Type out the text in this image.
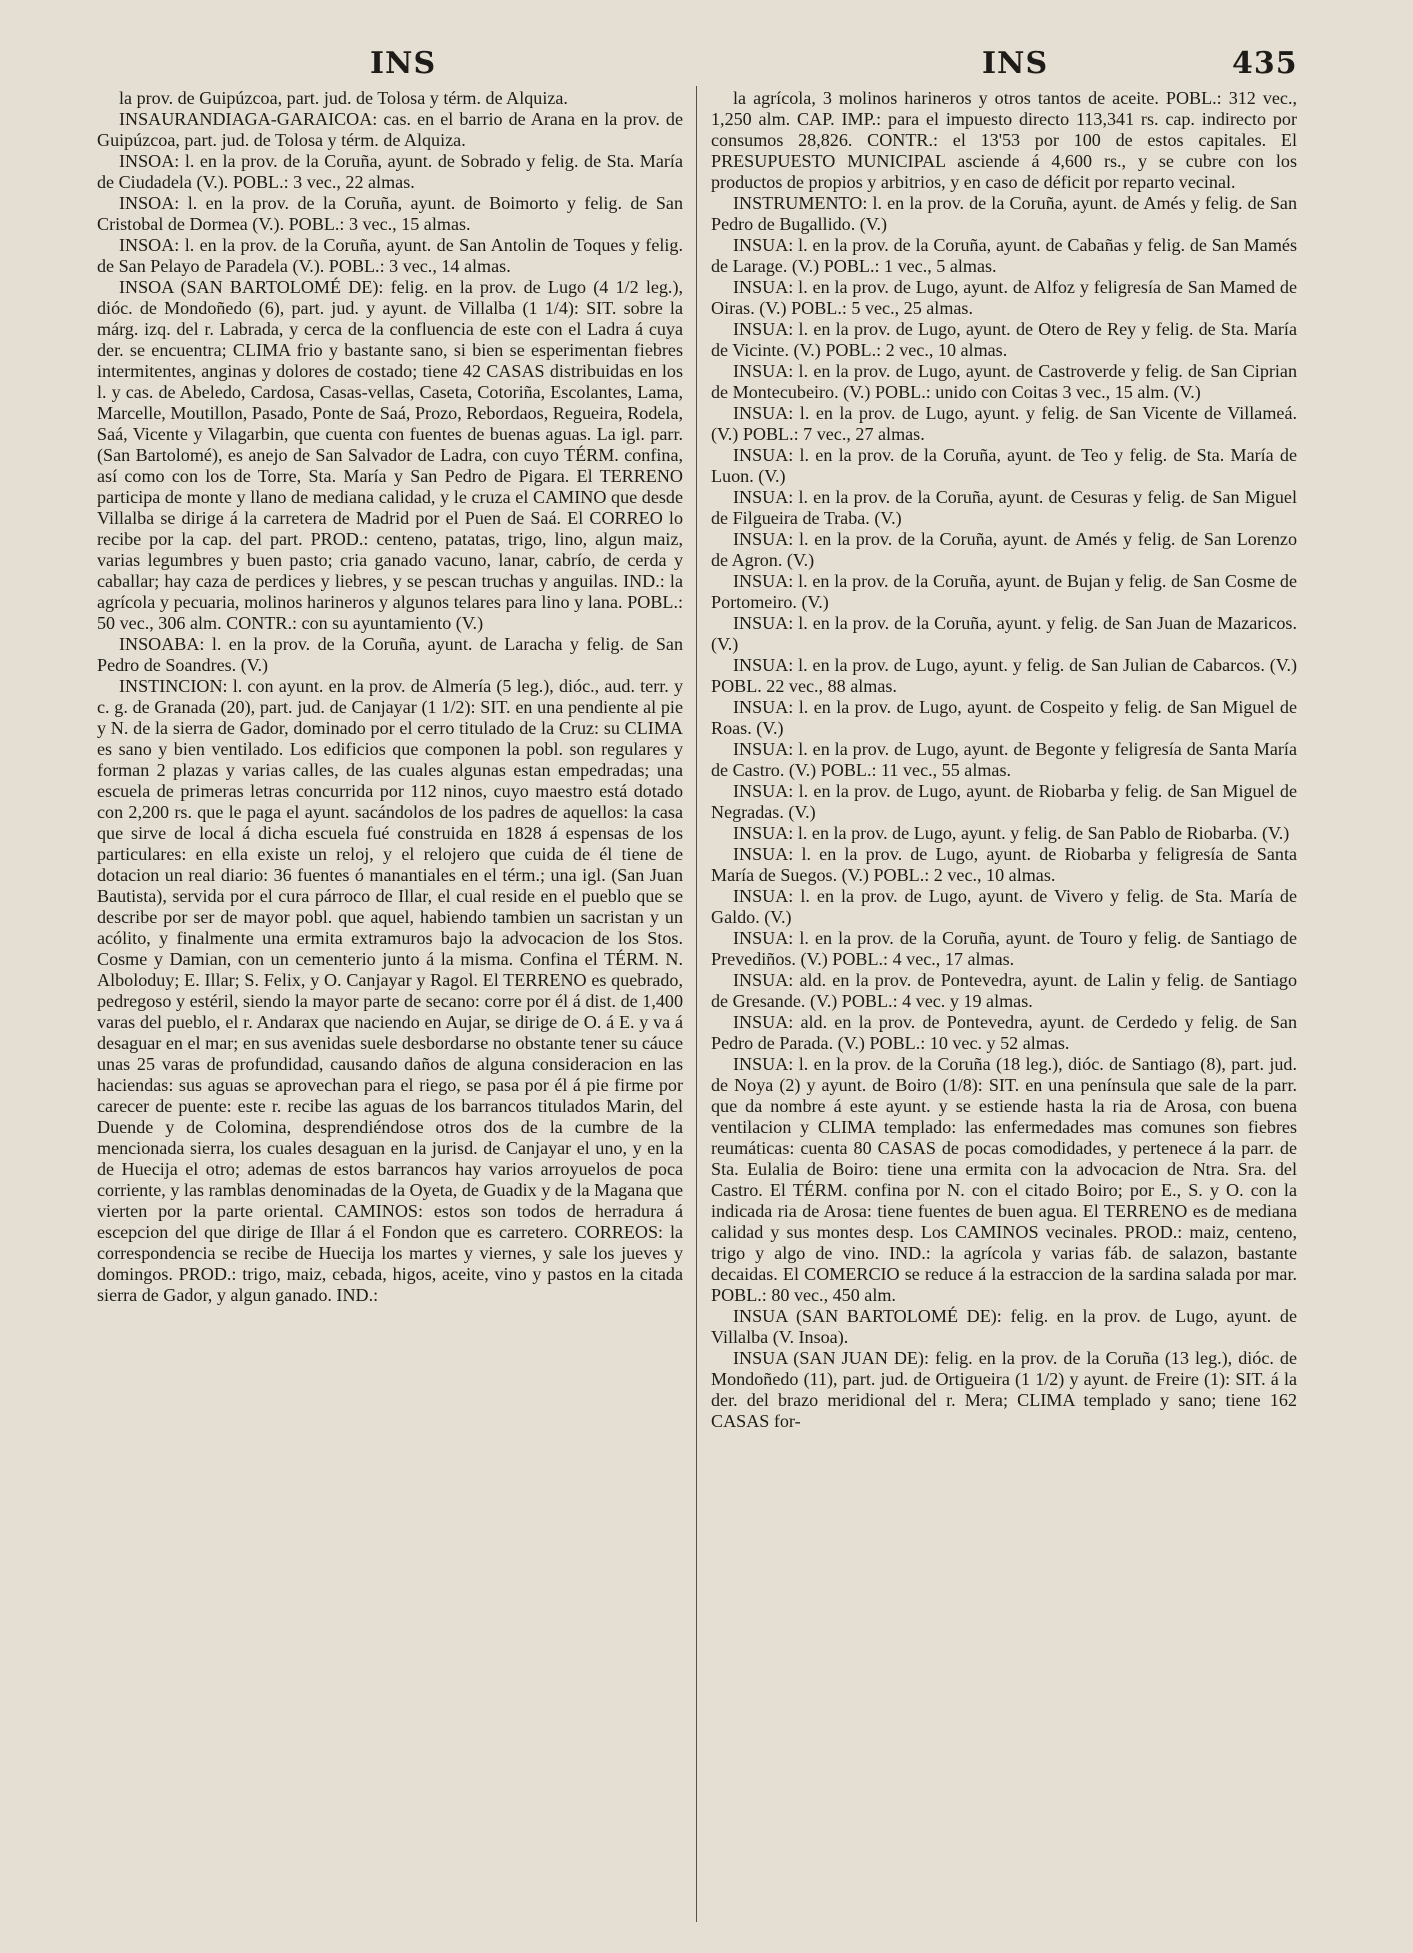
INS	INS	435

la prov. de Guipúzcoa, part. jud. de Tolosa y térm. de Alquiza.

INSAURANDIAGA-GARAICOA: cas. en el barrio de Arana en la prov. de Guipúzcoa, part. jud. de Tolosa y térm. de Alquiza.

INSOA: l. en la prov. de la Coruña, ayunt. de Sobrado y felig. de Sta. María de Ciudadela (V.). POBL.: 3 vec., 22 almas.

INSOA: l. en la prov. de la Coruña, ayunt. de Boimorto y felig. de San Cristobal de Dormea (V.). POBL.: 3 vec., 15 almas.

INSOA: l. en la prov. de la Coruña, ayunt. de San Antolin de Toques y felig. de San Pelayo de Paradela (V.). POBL.: 3 vec., 14 almas.

INSOA (SAN BARTOLOMÉ DE): felig. en la prov. de Lugo (4 1/2 leg.), dióc. de Mondoñedo (6), part. jud. y ayunt. de Villalba (1 1/4): SIT. sobre la márg. izq. del r. Labrada, y cerca de la confluencia de este con el Ladra á cuya der. se encuentra; CLIMA frio y bastante sano, si bien se esperimentan fiebres intermitentes, anginas y dolores de costado; tiene 42 CASAS distribuidas en los l. y cas. de Abeledo, Cardosa, Casas-vellas, Caseta, Cotoriña, Escolantes, Lama, Marcelle, Moutillon, Pasado, Ponte de Saá, Prozo, Rebordaos, Regueira, Rodela, Saá, Vicente y Vilagarbin, que cuenta con fuentes de buenas aguas. La igl. parr. (San Bartolomé), es anejo de San Salvador de Ladra, con cuyo TÉRM. confina, así como con los de Torre, Sta. María y San Pedro de Pigara. El TERRENO participa de monte y llano de mediana calidad, y le cruza el CAMINO que desde Villalba se dirige á la carretera de Madrid por el Puen de Saá. El CORREO lo recibe por la cap. del part. PROD.: centeno, patatas, trigo, lino, algun maiz, varias legumbres y buen pasto; cria ganado vacuno, lanar, cabrío, de cerda y caballar; hay caza de perdices y liebres, y se pescan truchas y anguilas. IND.: la agrícola y pecuaria, molinos harineros y algunos telares para lino y lana. POBL.: 50 vec., 306 alm. CONTR.: con su ayuntamiento (V.)

INSOABA: l. en la prov. de la Coruña, ayunt. de Laracha y felig. de San Pedro de Soandres. (V.)

INSTINCION: l. con ayunt. en la prov. de Almería (5 leg.), dióc., aud. terr. y c. g. de Granada (20), part. jud. de Canjayar (1 1/2): SIT. en una pendiente al pie y N. de la sierra de Gador, dominado por el cerro titulado de la Cruz: su CLIMA es sano y bien ventilado. Los edificios que componen la pobl. son regulares y forman 2 plazas y varias calles, de las cuales algunas estan empedradas; una escuela de primeras letras concurrida por 112 ninos, cuyo maestro está dotado con 2,200 rs. que le paga el ayunt. sacándolos de los padres de aquellos: la casa que sirve de local á dicha escuela fué construida en 1828 á espensas de los particulares: en ella existe un reloj, y el relojero que cuida de él tiene de dotacion un real diario: 36 fuentes ó manantiales en el térm.; una igl. (San Juan Bautista), servida por el cura párroco de Illar, el cual reside en el pueblo que se describe por ser de mayor pobl. que aquel, habiendo tambien un sacristan y un acólito, y finalmente una ermita extramuros bajo la advocacion de los Stos. Cosme y Damian, con un cementerio junto á la misma. Confina el TÉRM. N. Alboloduy; E. Illar; S. Felix, y O. Canjayar y Ragol. El TERRENO es quebrado, pedregoso y estéril, siendo la mayor parte de secano: corre por él á dist. de 1,400 varas del pueblo, el r. Andarax que naciendo en Aujar, se dirige de O. á E. y va á desaguar en el mar; en sus avenidas suele desbordarse no obstante tener su cáuce unas 25 varas de profundidad, causando daños de alguna consideracion en las haciendas: sus aguas se aprovechan para el riego, se pasa por él á pie firme por carecer de puente: este r. recibe las aguas de los barrancos titulados Marin, del Duende y de Colomina, desprendiéndose otros dos de la cumbre de la mencionada sierra, los cuales desaguan en la jurisd. de Canjayar el uno, y en la de Huecija el otro; ademas de estos barrancos hay varios arroyuelos de poca corriente, y las ramblas denominadas de la Oyeta, de Guadix y de la Magana que vierten por la parte oriental. CAMINOS: estos son todos de herradura á escepcion del que dirige de Illar á el Fondon que es carretero. CORREOS: la correspondencia se recibe de Huecija los martes y viernes, y sale los jueves y domingos. PROD.: trigo, maiz, cebada, higos, aceite, vino y pastos en la citada sierra de Gador, y algun ganado. IND.:

la agrícola, 3 molinos harineros y otros tantos de aceite. POBL.: 312 vec., 1,250 alm. CAP. IMP.: para el impuesto directo 113,341 rs. cap. indirecto por consumos 28,826. CONTR.: el 13'53 por 100 de estos capitales. El PRESUPUESTO MUNICIPAL asciende á 4,600 rs., y se cubre con los productos de propios y arbitrios, y en caso de déficit por reparto vecinal.

INSTRUMENTO: l. en la prov. de la Coruña, ayunt. de Amés y felig. de San Pedro de Bugallido. (V.)

INSUA: l. en la prov. de la Coruña, ayunt. de Cabañas y felig. de San Mamés de Larage. (V.) POBL.: 1 vec., 5 almas.

INSUA: l. en la prov. de Lugo, ayunt. de Alfoz y feligresía de San Mamed de Oiras. (V.) POBL.: 5 vec., 25 almas.

INSUA: l. en la prov. de Lugo, ayunt. de Otero de Rey y felig. de Sta. María de Vicinte. (V.) POBL.: 2 vec., 10 almas.

INSUA: l. en la prov. de Lugo, ayunt. de Castroverde y felig. de San Ciprian de Montecubeiro. (V.) POBL.: unido con Coitas 3 vec., 15 alm. (V.)

INSUA: l. en la prov. de Lugo, ayunt. y felig. de San Vicente de Villameá. (V.) POBL.: 7 vec., 27 almas.

INSUA: l. en la prov. de la Coruña, ayunt. de Teo y felig. de Sta. María de Luon. (V.)

INSUA: l. en la prov. de la Coruña, ayunt. de Cesuras y felig. de San Miguel de Filgueira de Traba. (V.)

INSUA: l. en la prov. de la Coruña, ayunt. de Amés y felig. de San Lorenzo de Agron. (V.)

INSUA: l. en la prov. de la Coruña, ayunt. de Bujan y felig. de San Cosme de Portomeiro. (V.)

INSUA: l. en la prov. de la Coruña, ayunt. y felig. de San Juan de Mazaricos. (V.)

INSUA: l. en la prov. de Lugo, ayunt. y felig. de San Julian de Cabarcos. (V.) POBL. 22 vec., 88 almas.

INSUA: l. en la prov. de Lugo, ayunt. de Cospeito y felig. de San Miguel de Roas. (V.)

INSUA: l. en la prov. de Lugo, ayunt. de Begonte y feligresía de Santa María de Castro. (V.) POBL.: 11 vec., 55 almas.

INSUA: l. en la prov. de Lugo, ayunt. de Riobarba y felig. de San Miguel de Negradas. (V.)

INSUA: l. en la prov. de Lugo, ayunt. y felig. de San Pablo de Riobarba. (V.)

INSUA: l. en la prov. de Lugo, ayunt. de Riobarba y feligresía de Santa María de Suegos. (V.) POBL.: 2 vec., 10 almas.

INSUA: l. en la prov. de Lugo, ayunt. de Vivero y felig. de Sta. María de Galdo. (V.)

INSUA: l. en la prov. de la Coruña, ayunt. de Touro y felig. de Santiago de Prevediños. (V.) POBL.: 4 vec., 17 almas.

INSUA: ald. en la prov. de Pontevedra, ayunt. de Lalin y felig. de Santiago de Gresande. (V.) POBL.: 4 vec. y 19 almas.

INSUA: ald. en la prov. de Pontevedra, ayunt. de Cerdedo y felig. de San Pedro de Parada. (V.) POBL.: 10 vec. y 52 almas.

INSUA: l. en la prov. de la Coruña (18 leg.), dióc. de Santiago (8), part. jud. de Noya (2) y ayunt. de Boiro (1/8): SIT. en una península que sale de la parr. que da nombre á este ayunt. y se estiende hasta la ria de Arosa, con buena ventilacion y CLIMA templado: las enfermedades mas comunes son fiebres reumáticas: cuenta 80 CASAS de pocas comodidades, y pertenece á la parr. de Sta. Eulalia de Boiro: tiene una ermita con la advocacion de Ntra. Sra. del Castro. El TÉRM. confina por N. con el citado Boiro; por E., S. y O. con la indicada ria de Arosa: tiene fuentes de buen agua. El TERRENO es de mediana calidad y sus montes desp. Los CAMINOS vecinales. PROD.: maiz, centeno, trigo y algo de vino. IND.: la agrícola y varias fáb. de salazon, bastante decaidas. El COMERCIO se reduce á la estraccion de la sardina salada por mar. POBL.: 80 vec., 450 alm.

INSUA (SAN BARTOLOMÉ DE): felig. en la prov. de Lugo, ayunt. de Villalba (V. Insoa).

INSUA (SAN JUAN DE): felig. en la prov. de la Coruña (13 leg.), dióc. de Mondoñedo (11), part. jud. de Ortigueira (1 1/2) y ayunt. de Freire (1): SIT. á la der. del brazo meridional del r. Mera; CLIMA templado y sano; tiene 162 CASAS for-
